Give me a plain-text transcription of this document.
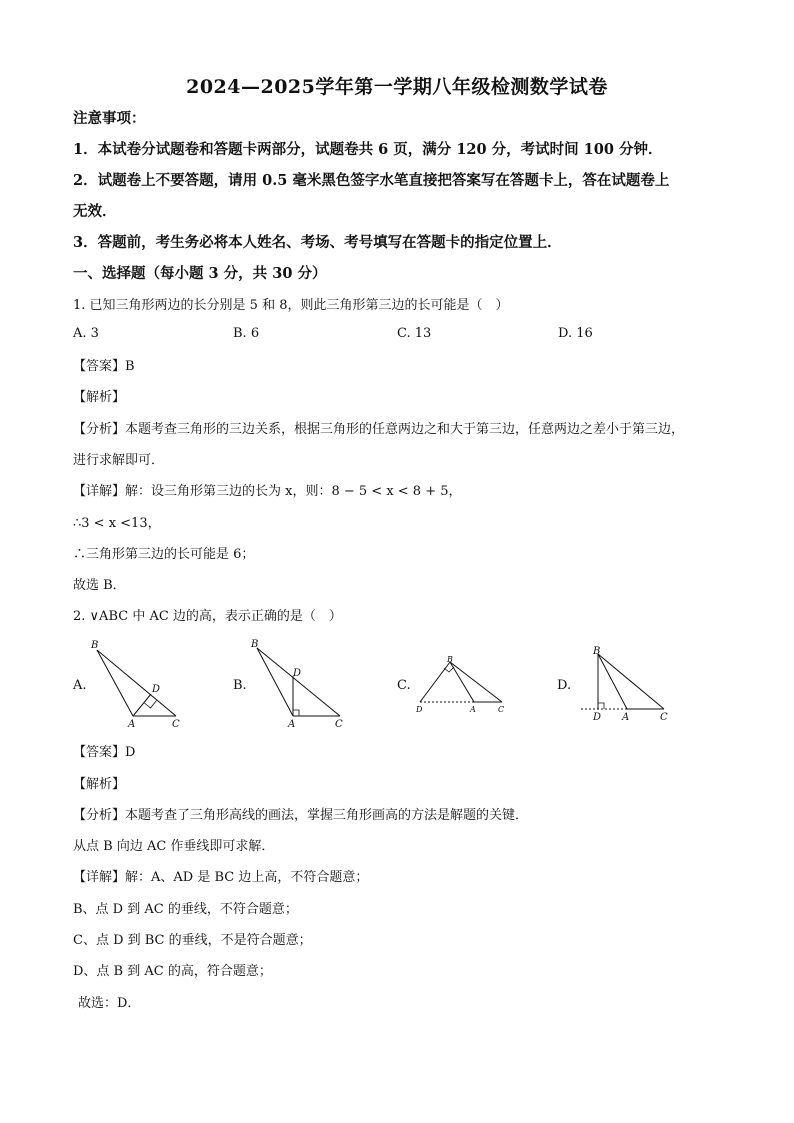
2024—2025学年第一学期八年级检测数学试卷
注意事项：
1．本试卷分试题卷和答题卡两部分，试题卷共 6 页，满分 120 分，考试时间 100 分钟．
2．试题卷上不要答题，请用 0.5 毫米黑色签字水笔直接把答案写在答题卡上，答在试题卷上
无效．
3．答题前，考生务必将本人姓名、考场、考号填写在答题卡的指定位置上．
一、选择题（每小题 3 分，共 30 分）
1. 已知三角形两边的长分别是 5 和 8，则此三角形第三边的长可能是（　）
A. 3	B. 6	C. 13	D. 16
【答案】B
【解析】
【分析】本题考查三角形的三边关系，根据三角形的任意两边之和大于第三边，任意两边之差小于第三边，
进行求解即可．
【详解】解：设三角形第三边的长为 x，则：8 − 5 < x < 8 + 5，
∴3 < x <13，
∴三角形第三边的长可能是 6；
故选 B．
2. ∨ABC 中 AC 边的高，表示正确的是（　）
A.	B.	C.	D.
B
D
A	C
B
D
A	C
B
D	A	C
B
D A	C
【答案】D
【解析】
【分析】本题考查了三角形高线的画法，掌握三角形画高的方法是解题的关键．
从点 B 向边 AC 作垂线即可求解．
【详解】解：A、AD 是 BC 边上高，不符合题意；
B、点 D 到 AC 的垂线，不符合题意；
C、点 D 到 BC 的垂线，不是符合题意；
D、点 B 到 AC 的高，符合题意；
故选：D．
